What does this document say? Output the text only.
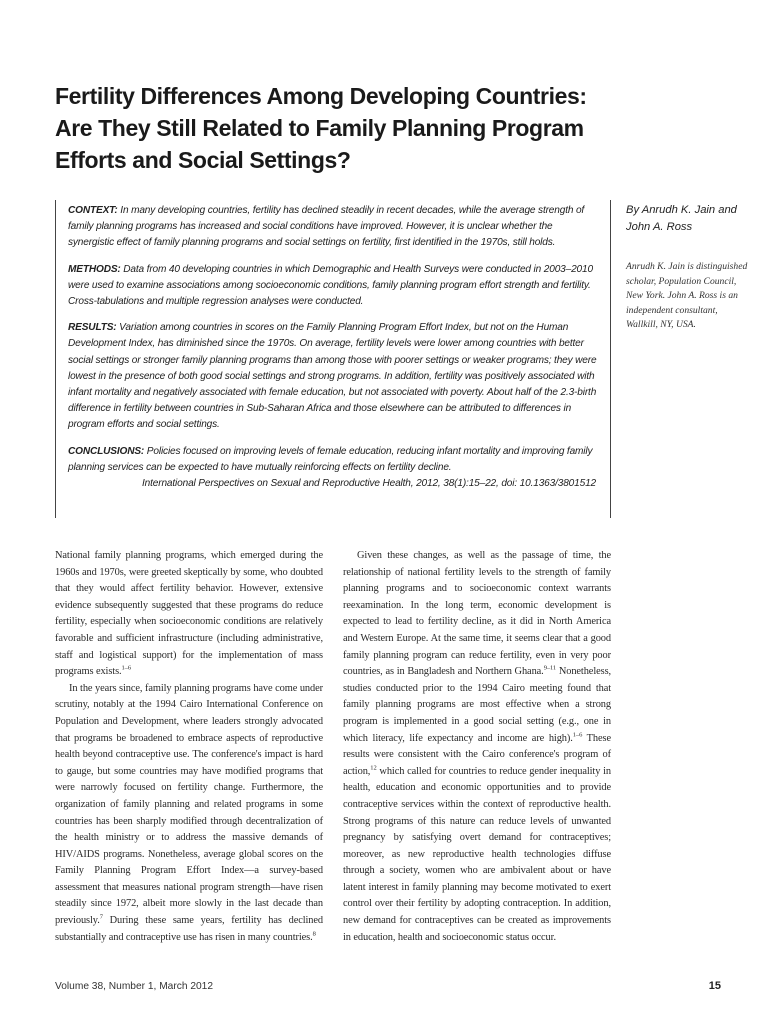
Fertility Differences Among Developing Countries:
Are They Still Related to Family Planning Program
Efforts and Social Settings?

CONTEXT: In many developing countries, fertility has declined steadily in recent decades, while the average strength of family planning programs has increased and social conditions have improved. However, it is unclear whether the synergistic effect of family planning programs and social settings on fertility, first identified in the 1970s, still holds.

METHODS: Data from 40 developing countries in which Demographic and Health Surveys were conducted in 2003–2010 were used to examine associations among socioeconomic conditions, family planning program effort strength and fertility. Cross-tabulations and multiple regression analyses were conducted.

RESULTS: Variation among countries in scores on the Family Planning Program Effort Index, but not on the Human Development Index, has diminished since the 1970s. On average, fertility levels were lower among countries with better social settings or stronger family planning programs than among those with poorer settings or weaker programs; they were lowest in the presence of both good social settings and strong programs. In addition, fertility was positively associated with infant mortality and negatively associated with female education, but not associated with poverty. About half of the 2.3-birth difference in fertility between countries in Sub-Saharan Africa and those elsewhere can be attributed to differences in program efforts and social settings.

CONCLUSIONS: Policies focused on improving levels of female education, reducing infant mortality and improving family planning services can be expected to have mutually reinforcing effects on fertility decline.
International Perspectives on Sexual and Reproductive Health, 2012, 38(1):15–22, doi: 10.1363/3801512

By Anrudh K. Jain and John A. Ross
Anrudh K. Jain is distinguished scholar, Population Council, New York. John A. Ross is an independent consultant, Wallkill, NY, USA.

National family planning programs, which emerged during the 1960s and 1970s, were greeted skeptically by some, who doubted that they would affect fertility behavior. However, extensive evidence subsequently suggested that these programs do reduce fertility, especially when socioeconomic conditions are relatively favorable and sufficient infrastructure (including administrative, staff and logistical support) for the implementation of mass programs exists.$^{1-6}$

In the years since, family planning programs have come under scrutiny, notably at the 1994 Cairo International Conference on Population and Development, where leaders strongly advocated that programs be broadened to embrace aspects of reproductive health beyond contraceptive use. The conference's impact is hard to gauge, but some countries may have modified programs that were narrowly focused on fertility change. Furthermore, the organization of family planning and related programs in some countries has been sharply modified through decentralization of the health ministry or to address the massive demands of HIV/AIDS programs. Nonetheless, average global scores on the Family Planning Program Effort Index—a survey-based assessment that measures national program strength—have risen steadily since 1972, albeit more slowly in the last decade than previously.$^7$ During these same years, fertility has declined substantially and contraceptive use has risen in many countries.$^8$

Given these changes, as well as the passage of time, the relationship of national fertility levels to the strength of family planning programs and to socioeconomic context warrants reexamination. In the long term, economic development is expected to lead to fertility decline, as it did in North America and Western Europe. At the same time, it seems clear that a good family planning program can reduce fertility, even in very poor countries, as in Bangladesh and Northern Ghana.$^{9-11}$ Nonetheless, studies conducted prior to the 1994 Cairo meeting found that family planning programs are most effective when a strong program is implemented in a good social setting (e.g., one in which literacy, life expectancy and income are high).$^{1-6}$ These results were consistent with the Cairo conference's program of action,$^{12}$ which called for countries to reduce gender inequality in health, education and economic opportunities and to provide contraceptive services within the context of reproductive health. Strong programs of this nature can reduce levels of unwanted pregnancy by satisfying overt demand for contraceptives; moreover, as new reproductive health technologies diffuse through a society, women who are ambivalent about or have latent interest in family planning may become motivated to exert control over their fertility by adopting contraception. In addition, new demand for contraceptives can be created as improvements in education, health and socioeconomic status occur.

Volume 38, Number 1, March 2012	15
